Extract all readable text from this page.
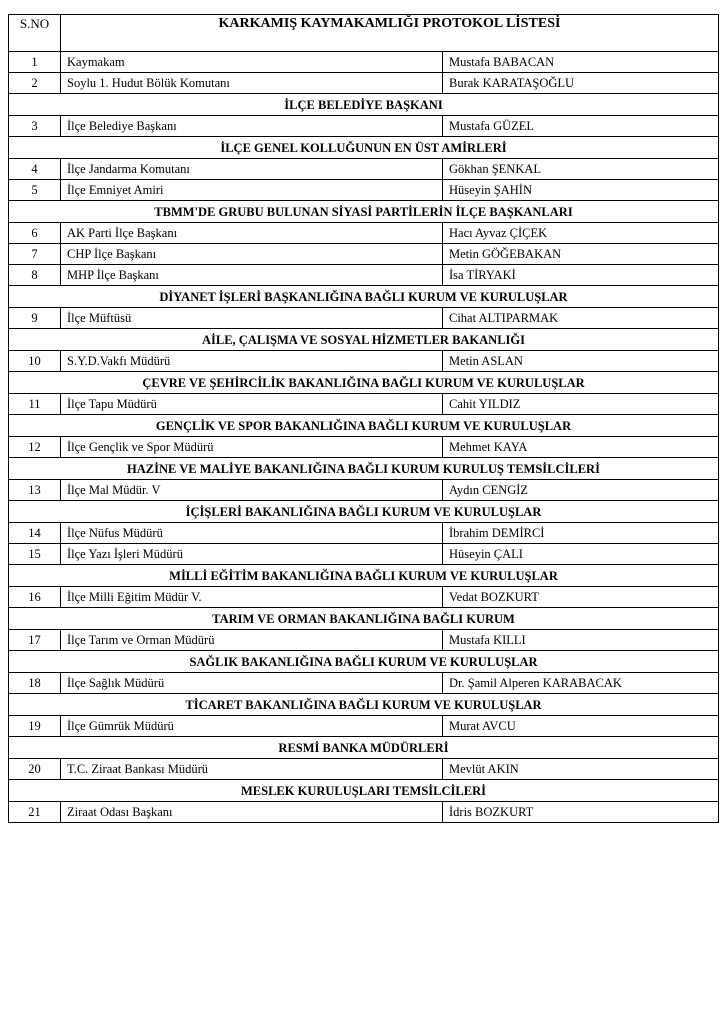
S.NO	KARKAMIŞ KAYMAKAMLIĞI PROTOKOL LİSTESİ	
1	Kaymakam	Mustafa BABACAN
2	Soylu 1. Hudut Bölük Komutanı	Burak KARATAŞOĞLU
İLÇE BELEDİYE BAŞKANI		
3	İlçe Belediye Başkanı	Mustafa GÜZEL
İLÇE GENEL KOLLUĞUNUN EN ÜST AMİRLERİ		
4	İlçe Jandarma Komutanı	Gökhan ŞENKAL
5	İlçe Emniyet Amiri	Hüseyin ŞAHİN
TBMM'DE GRUBU BULUNAN SİYASİ PARTİLERİN İLÇE BAŞKANLARI		
6	AK Parti İlçe Başkanı	Hacı Ayvaz ÇİÇEK
7	CHP İlçe Başkanı	Metin GÖĞEBAKAN
8	MHP İlçe Başkanı	İsa TİRYAKİ
DİYANET İŞLERİ BAŞKANLIĞINA BAĞLI KURUM VE KURULUŞLAR		
9	İlçe Müftüsü	Cihat ALTIPARMAK
AİLE, ÇALIŞMA VE SOSYAL HİZMETLER BAKANLIĞI		
10	S.Y.D.Vakfı Müdürü	Metin ASLAN
ÇEVRE VE ŞEHİRCİLİK BAKANLIĞINA BAĞLI KURUM VE KURULUŞLAR		
11	İlçe Tapu Müdürü	Cahit YILDIZ
GENÇLİK VE SPOR BAKANLIĞINA BAĞLI KURUM VE KURULUŞLAR		
12	İlçe Gençlik ve Spor Müdürü	Mehmet KAYA
HAZİNE VE MALİYE BAKANLIĞINA BAĞLI KURUM KURULUŞ TEMSİLCİLERİ		
13	İlçe Mal Müdür. V	Aydın CENGİZ
İÇİŞLERİ BAKANLIĞINA BAĞLI KURUM VE KURULUŞLAR		
14	İlçe Nüfus Müdürü	İbrahim DEMİRCİ
15	İlçe Yazı İşleri Müdürü	Hüseyin ÇALI
MİLLİ EĞİTİM BAKANLIĞINA BAĞLI KURUM VE KURULUŞLAR		
16	İlçe Milli Eğitim Müdür V.	Vedat BOZKURT
TARIM VE ORMAN BAKANLIĞINA BAĞLI KURUM		
17	İlçe Tarım ve Orman Müdürü	Mustafa KILLI
SAĞLIK BAKANLIĞINA BAĞLI KURUM VE KURULUŞLAR		
18	İlçe Sağlık Müdürü	Dr. Şamil Alperen KARABACAK
TİCARET BAKANLIĞINA BAĞLI KURUM VE KURULUŞLAR		
19	İlçe Gümrük Müdürü	Murat AVCU
RESMİ BANKA MÜDÜRLERİ		
20	T.C. Ziraat Bankası Müdürü	Mevlüt AKIN
MESLEK KURULUŞLARI TEMSİLCİLERİ		
21	Ziraat Odası Başkanı	İdris BOZKURT
